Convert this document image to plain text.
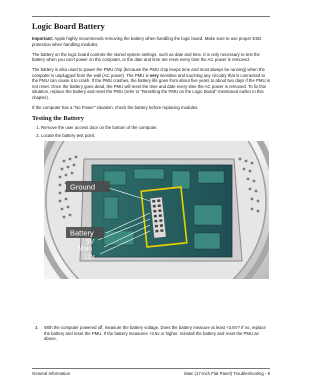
Logic Board Battery

Important: Apple highly recommends removing the battery when handling the logic board. Make sure to use proper ESD protection when handling modules.

The battery on the logic board controls the stored system settings, such as date and time. It is only necessary to test the battery when you can't power on the computer, or the date and time are reset every time the AC power is removed.

The battery is also used to power the PMU chip (because the PMU chip keeps time and must always be running) when the computer is unplugged from the wall (AC power). The PMU is very sensitive and touching any circuitry that is connected to the PMU can cause it to crash. If the PMU crashes, the battery life goes from about five years to about two days if the PMU is not reset. Once the battery goes dead, the PMU will reset the time and date every time the AC power is removed. To fix this situation, replace the battery and reset the PMU (refer to "Resetting the PMU on the Logic Board" mentioned earlier in this chapter).

If the computer has a "No Power" situation, check the battery before replacing modules.

Testing the Battery
1. Remove the user access door on the bottom of the computer.
2. Locate the battery test point.
Ground
Battery
5V
Main
12v
3. With the computer powered off, measure the battery voltage. Does the battery measure at least +3.5V? If no, replace the battery and reset the PMU. If the battery measures +3.5v or higher, reinstall the battery and reset the PMU as above.
General Information	iMac (17-inch Flat Panel) Troubleshooting - 9
